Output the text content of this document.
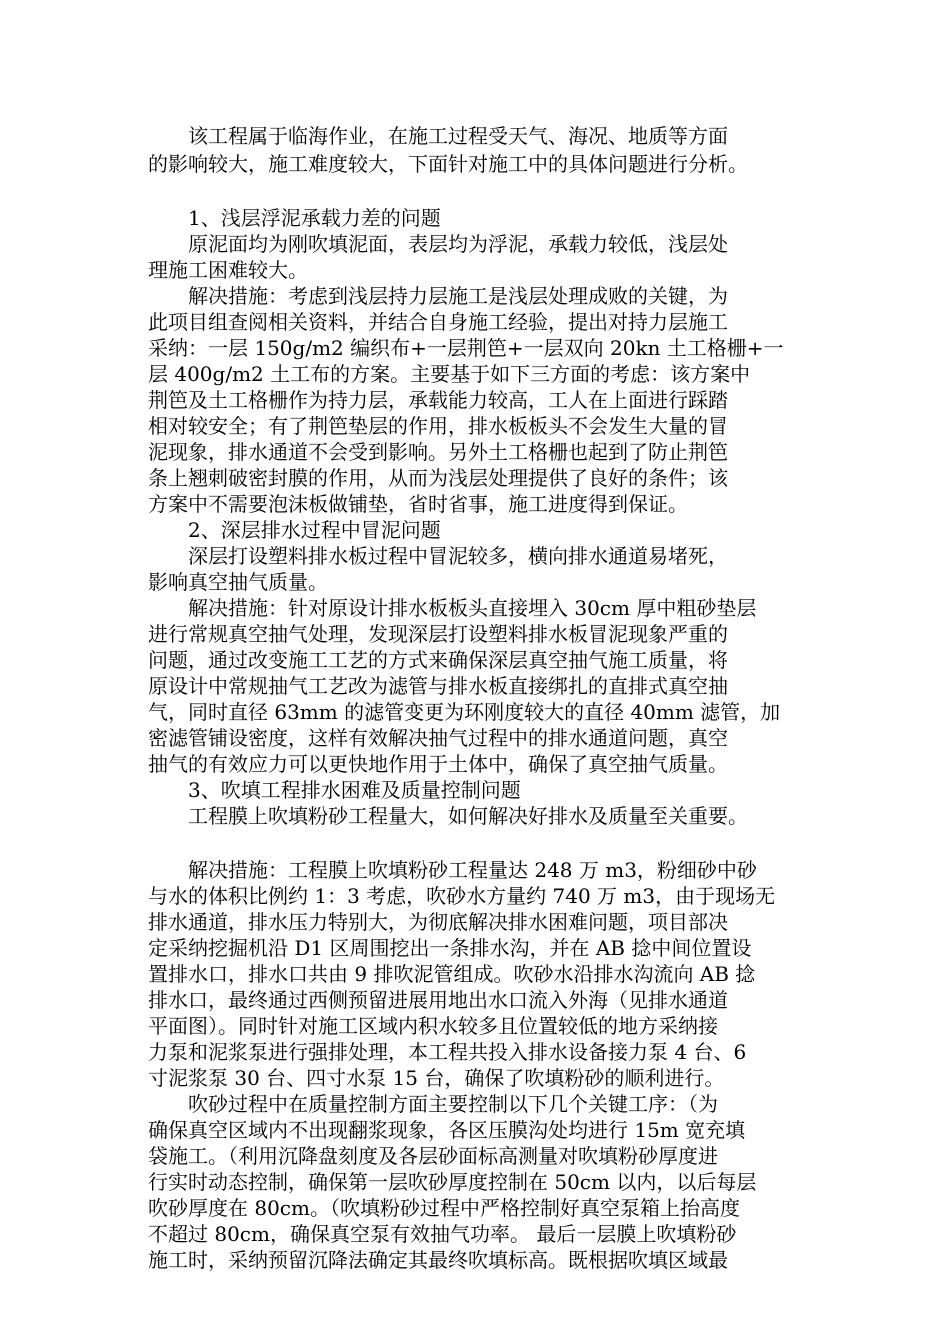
　　该工程属于临海作业，在施工过程受天气、海况、地质等方面
的影响较大，施工难度较大，下面针对施工中的具体问题进行分析。
　　1、浅层浮泥承载力差的问题
　　原泥面均为刚吹填泥面，表层均为浮泥，承载力较低，浅层处
理施工困难较大。
　　解决措施：考虑到浅层持力层施工是浅层处理成败的关键，为
此项目组查阅相关资料，并结合自身施工经验，提出对持力层施工
采纳：一层 150g/m2 编织布+一层荆笆+一层双向 20kn 土工格栅+一
层 400g/m2 土工布的方案。主要基于如下三方面的考虑：该方案中
荆笆及土工格栅作为持力层，承载能力较高，工人在上面进行踩踏
相对较安全；有了荆笆垫层的作用，排水板板头不会发生大量的冒
泥现象，排水通道不会受到影响。另外土工格栅也起到了防止荆笆
条上翘刺破密封膜的作用，从而为浅层处理提供了良好的条件；该
方案中不需要泡沫板做铺垫，省时省事，施工进度得到保证。
　　2、深层排水过程中冒泥问题
　　深层打设塑料排水板过程中冒泥较多，横向排水通道易堵死，
影响真空抽气质量。
　　解决措施：针对原设计排水板板头直接埋入 30cm 厚中粗砂垫层
进行常规真空抽气处理，发现深层打设塑料排水板冒泥现象严重的
问题，通过改变施工工艺的方式来确保深层真空抽气施工质量，将
原设计中常规抽气工艺改为滤管与排水板直接绑扎的直排式真空抽
气，同时直径 63mm 的滤管变更为环刚度较大的直径 40mm 滤管，加
密滤管铺设密度，这样有效解决抽气过程中的排水通道问题，真空
抽气的有效应力可以更快地作用于土体中，确保了真空抽气质量。
　　3、吹填工程排水困难及质量控制问题
　　工程膜上吹填粉砂工程量大，如何解决好排水及质量至关重要。
　　解决措施：工程膜上吹填粉砂工程量达 248 万 m3，粉细砂中砂
与水的体积比例约 1：3 考虑，吹砂水方量约 740 万 m3，由于现场无
排水通道，排水压力特别大，为彻底解决排水困难问题，项目部决
定采纳挖掘机沿 D1 区周围挖出一条排水沟，并在 AB 捻中间位置设
置排水口，排水口共由 9 排吹泥管组成。吹砂水沿排水沟流向 AB 捻
排水口，最终通过西侧预留进展用地出水口流入外海（见排水通道
平面图）。同时针对施工区域内积水较多且位置较低的地方采纳接
力泵和泥浆泵进行强排处理，本工程共投入排水设备接力泵 4 台、6
寸泥浆泵 30 台、四寸水泵 15 台，确保了吹填粉砂的顺利进行。
　　吹砂过程中在质量控制方面主要控制以下几个关键工序：（为
确保真空区域内不出现翻浆现象，各区压膜沟处均进行 15m 宽充填
袋施工。（利用沉降盘刻度及各层砂面标高测量对吹填粉砂厚度进
行实时动态控制，确保第一层吹砂厚度控制在 50cm 以内，以后每层
吹砂厚度在 80cm。（吹填粉砂过程中严格控制好真空泵箱上抬高度
不超过 80cm，确保真空泵有效抽气功率。 最后一层膜上吹填粉砂
施工时，采纳预留沉降法确定其最终吹填标高。既根据吹填区域最
